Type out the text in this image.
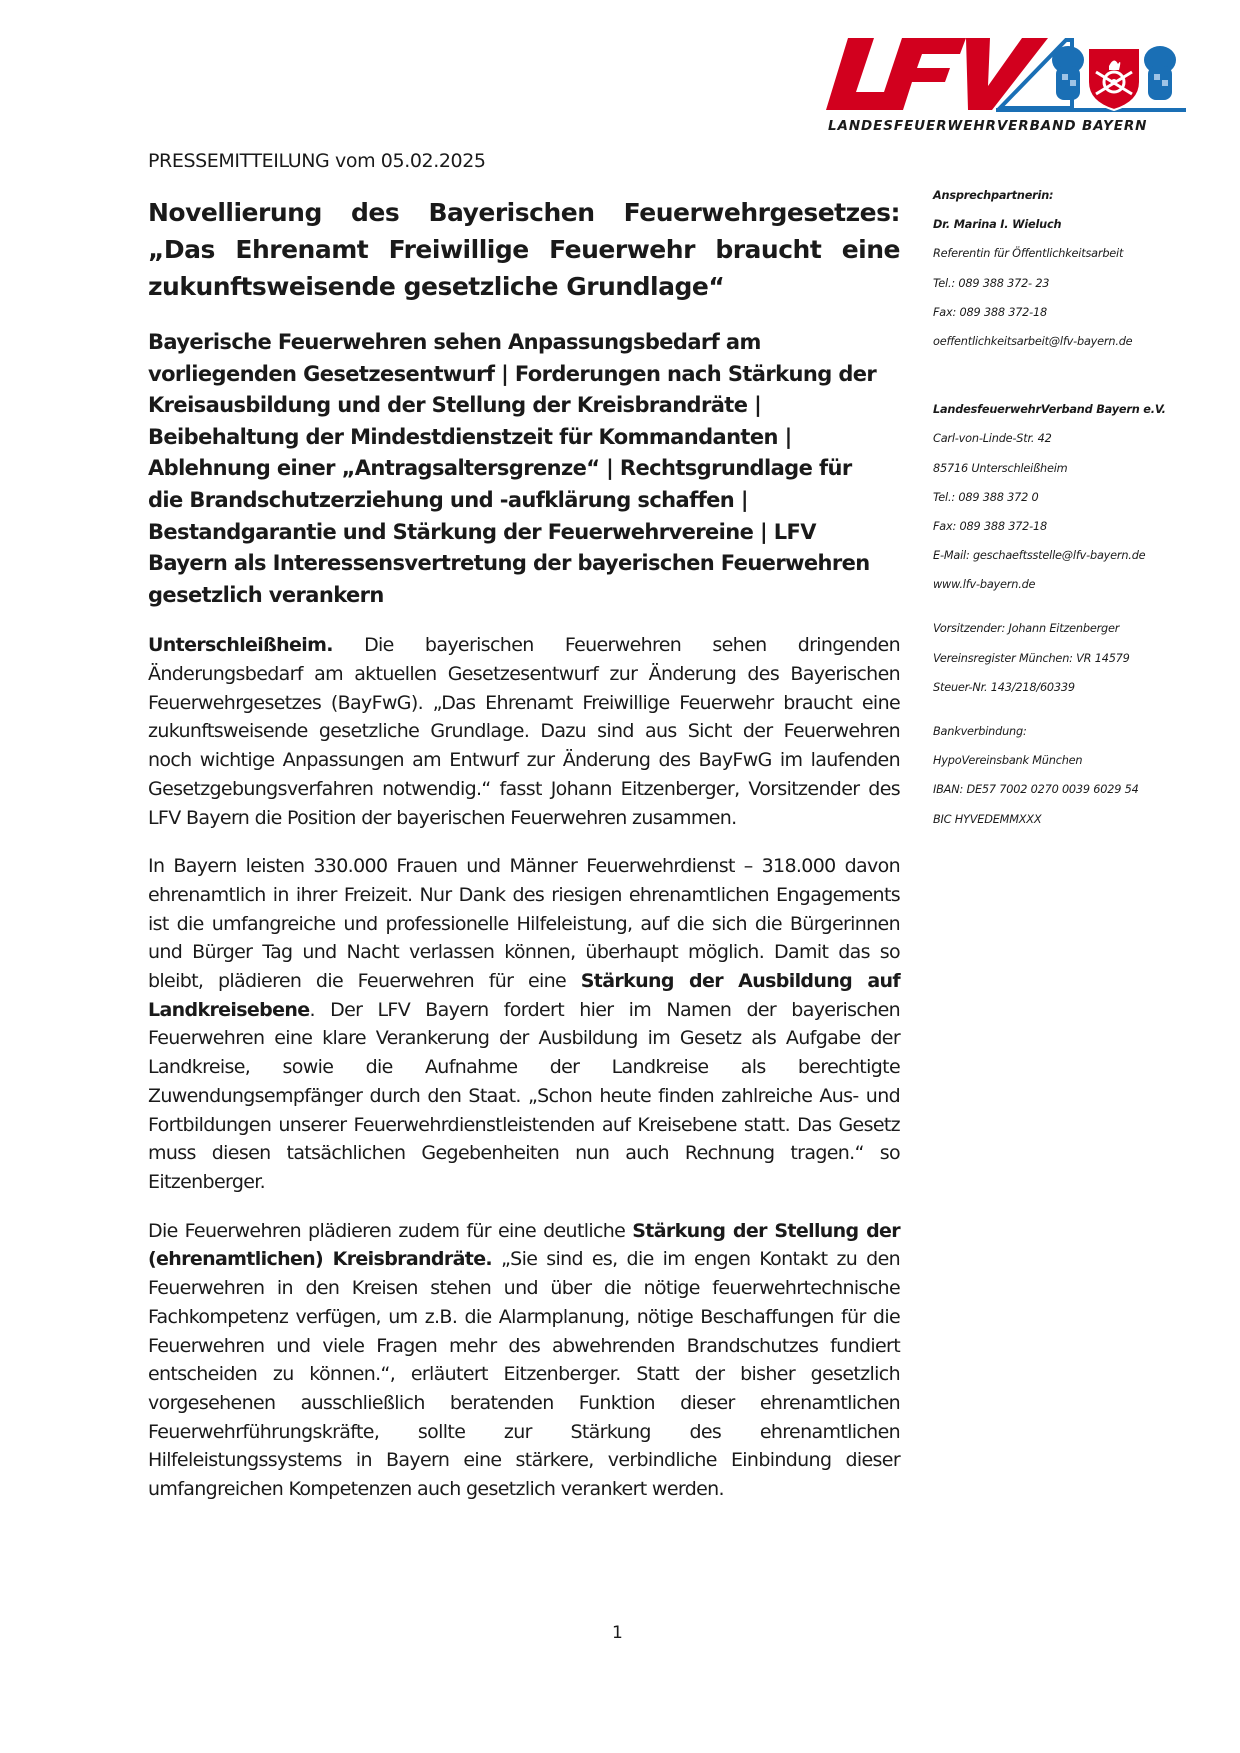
LANDESFEUERWEHRVERBAND BAYERN
PRESSEMITTEILUNG vom 05.02.2025
Novellierung des Bayerischen Feuerwehrgesetzes: „Das Ehrenamt Freiwillige Feuerwehr braucht eine zukunftsweisende gesetzliche Grundlage“
Bayerische Feuerwehren sehen Anpassungsbedarf am vorliegenden Gesetzesentwurf | Forderungen nach Stärkung der Kreisausbildung und der Stellung der Kreisbrandräte | Beibehaltung der Mindestdienstzeit für Kommandanten | Ablehnung einer „Antragsaltersgrenze“ | Rechtsgrundlage für die Brandschutzerziehung und -aufklärung schaffen | Bestandgarantie und Stärkung der Feuerwehrvereine | LFV Bayern als Interessensvertretung der bayerischen Feuerwehren gesetzlich verankern

Unterschleißheim. Die bayerischen Feuerwehren sehen dringenden Änderungsbedarf am aktuellen Gesetzesentwurf zur Änderung des Bayerischen Feuerwehrgesetzes (BayFwG). „Das Ehrenamt Freiwillige Feuerwehr braucht eine zukunftsweisende gesetzliche Grundlage. Dazu sind aus Sicht der Feuerwehren noch wichtige Anpassungen am Entwurf zur Änderung des BayFwG im laufenden Gesetzgebungsverfahren notwendig.“ fasst Johann Eitzenberger, Vorsitzender des LFV Bayern die Position der bayerischen Feuerwehren zusammen.

In Bayern leisten 330.000 Frauen und Männer Feuerwehrdienst – 318.000 davon ehrenamtlich in ihrer Freizeit. Nur Dank des riesigen ehrenamtlichen Engagements ist die umfangreiche und professionelle Hilfeleistung, auf die sich die Bürgerinnen und Bürger Tag und Nacht verlassen können, überhaupt möglich. Damit das so bleibt, plädieren die Feuerwehren für eine Stärkung der Ausbildung auf Landkreisebene. Der LFV Bayern fordert hier im Namen der bayerischen Feuerwehren eine klare Verankerung der Ausbildung im Gesetz als Aufgabe der Landkreise, sowie die Aufnahme der Landkreise als berechtigte Zuwendungsempfänger durch den Staat. „Schon heute finden zahlreiche Aus- und Fortbildungen unserer Feuerwehrdienstleistenden auf Kreisebene statt. Das Gesetz muss diesen tatsächlichen Gegebenheiten nun auch Rechnung tragen.“ so Eitzenberger.

Die Feuerwehren plädieren zudem für eine deutliche Stärkung der Stellung der (ehrenamtlichen) Kreisbrandräte. „Sie sind es, die im engen Kontakt zu den Feuerwehren in den Kreisen stehen und über die nötige feuerwehrtechnische Fachkompetenz verfügen, um z.B. die Alarmplanung, nötige Beschaffungen für die Feuerwehren und viele Fragen mehr des abwehrenden Brandschutzes fundiert entscheiden zu können.“, erläutert Eitzenberger. Statt der bisher gesetzlich vorgesehenen ausschließlich beratenden Funktion dieser ehrenamtlichen Feuerwehrführungskräfte, sollte zur Stärkung des ehrenamtlichen Hilfeleistungssystems in Bayern eine stärkere, verbindliche Einbindung dieser umfangreichen Kompetenzen auch gesetzlich verankert werden.

Ansprechpartnerin:
Dr. Marina I. Wieluch
Referentin für Öffentlichkeitsarbeit
Tel.: 089 388 372- 23
Fax: 089 388 372-18
oeffentlichkeitsarbeit@lfv-bayern.de
LandesfeuerwehrVerband Bayern e.V.
Carl-von-Linde-Str. 42
85716 Unterschleißheim
Tel.: 089 388 372 0
Fax: 089 388 372-18
E-Mail: geschaeftsstelle@lfv-bayern.de
www.lfv-bayern.de
Vorsitzender: Johann Eitzenberger
Vereinsregister München: VR 14579
Steuer-Nr. 143/218/60339
Bankverbindung:
HypoVereinsbank München
IBAN: DE57 7002 0270 0039 6029 54
BIC HYVEDEMMXXX
1
